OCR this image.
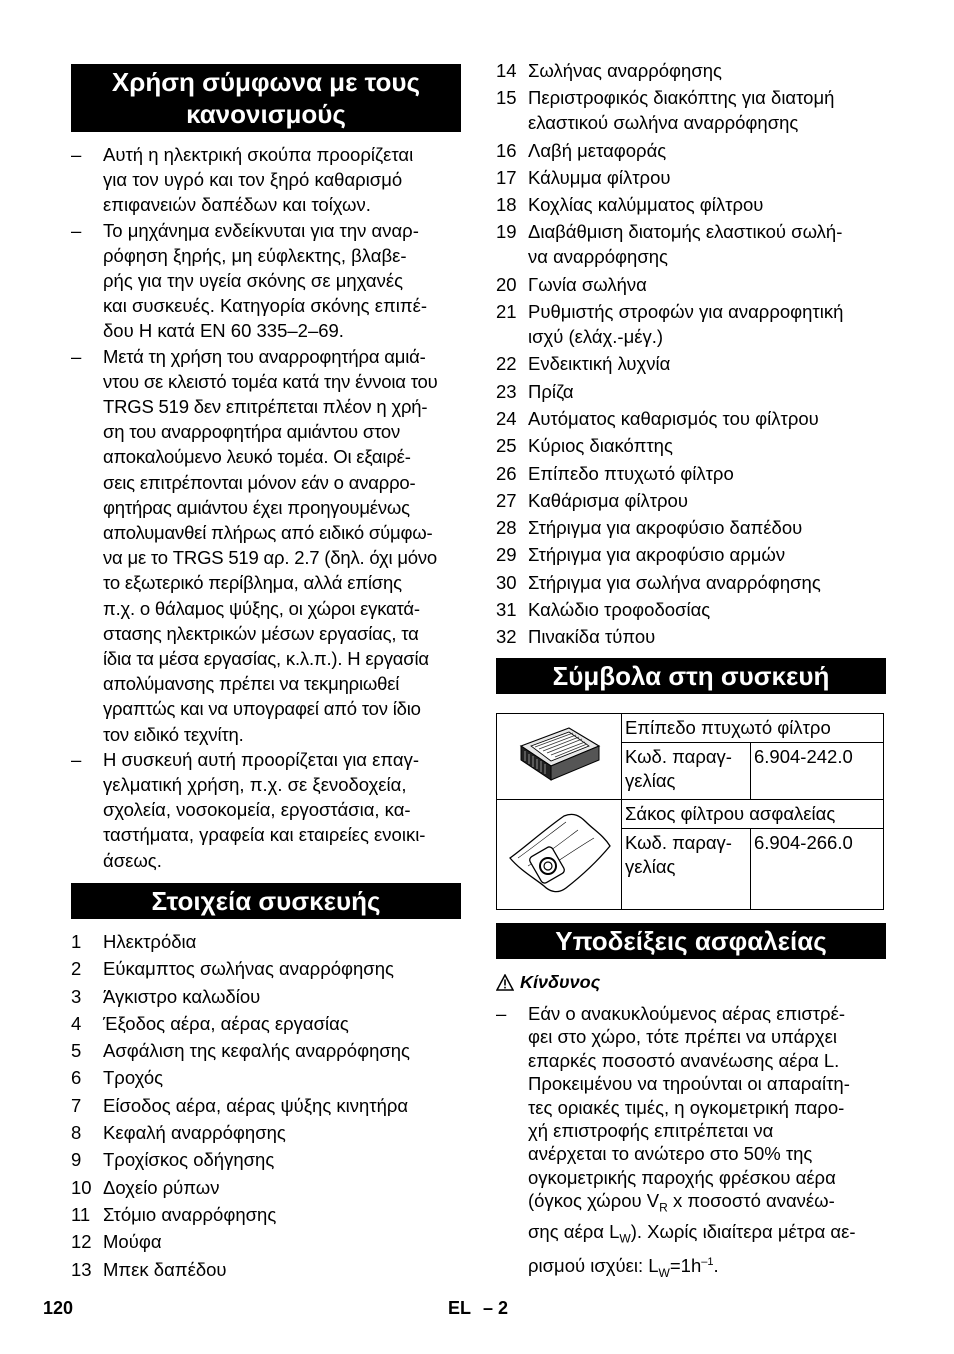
Χρήση σύμφωνα με τους κανονισμούς
–	Αυτή η ηλεκτρική σκούπα προορίζεται

για τον υγρό και τον ξηρό καθαρισμό

επιφανειών δαπέδων και τοίχων.

–	Το μηχάνημα ενδείκνυται για την αναρ-

ρόφηση ξηρής, μη εύφλεκτης, βλαβε-

ρής για την υγεία σκόνης σε μηχανές

και συσκευές. Κατηγορία σκόνης επιπέ-

δου H κατά EN 60 335–2–69.

–	Μετά τη χρήση του αναρροφητήρα αμιά-

ντου σε κλειστό τομέα κατά την έννοια του

TRGS 519 δεν επιτρέπεται πλέον η χρή-

ση του αναρροφητήρα αμιάντου στον

αποκαλούμενο λευκό τομέα. Οι εξαιρέ-

σεις επιτρέπονται μόνον εάν ο αναρρο-

φητήρας αμιάντου έχει προηγουμένως

απολυμανθεί πλήρως από ειδικό σύμφω-

να με το TRGS 519 αρ. 2.7 (δηλ. όχι μόνο

το εξωτερικό περίβλημα, αλλά επίσης

π.χ. ο θάλαμος ψύξης, οι χώροι εγκατά-

στασης ηλεκτρικών μέσων εργασίας, τα

ίδια τα μέσα εργασίας, κ.λ.π.). Η εργασία

απολύμανσης πρέπει να τεκμηριωθεί

γραπτώς και να υπογραφεί από τον ίδιο

τον ειδικό τεχνίτη.

–	Η συσκευή αυτή προορίζεται για επαγ-

γελματική χρήση, π.χ. σε ξενοδοχεία,

σχολεία, νοσοκομεία, εργοστάσια, κα-

ταστήματα, γραφεία και εταιρείες ενοικι-

άσεως.

Στοιχεία συσκευής
1 Ηλεκτρόδια
2 Εύκαμπτος σωλήνας αναρρόφησης
3 Άγκιστρο καλωδίου
4 Έξοδος αέρα, αέρας εργασίας
5 Ασφάλιση της κεφαλής αναρρόφησης
6 Τροχός
7 Είσοδος αέρα, αέρας ψύξης κινητήρα
8 Κεφαλή αναρρόφησης
9 Τροχίσκος οδήγησης
10 Δοχείο ρύπων
11 Στόμιο αναρρόφησης
12 Μούφα
13 Μπεκ δαπέδου
14 Σωλήνας αναρρόφησης
15 Περιστροφικός διακόπτης για διατομή
ελαστικού σωλήνα αναρρόφησης
16 Λαβή μεταφοράς
17 Κάλυμμα φίλτρου
18 Κοχλίας καλύμματος φίλτρου
19 Διαβάθμιση διατομής ελαστικού σωλή-
να αναρρόφησης
20 Γωνία σωλήνα
21 Ρυθμιστής στροφών για αναρροφητική
ισχύ (ελάχ.-μέγ.)
22 Ενδεικτική λυχνία
23 Πρίζα
24 Αυτόματος καθαρισμός του φίλτρου
25 Κύριος διακόπτης
26 Επίπεδο πτυχωτό φίλτρο
27 Καθάρισμα φίλτρου
28 Στήριγμα για ακροφύσιο δαπέδου
29 Στήριγμα για ακροφύσιο αρμών
30 Στήριγμα για σωλήνα αναρρόφησης
31 Καλώδιο τροφοδοσίας
32 Πινακίδα τύπου
Σύμβολα στη συσκευή
	Επίπεδο πτυχωτό φίλτρο	
	Κωδ. παραγ-
γελίας	6.904-242.0
	Σάκος φίλτρου ασφαλείας	
	Κωδ. παραγ-
γελίας	6.904-266.0
Υποδείξεις ασφαλείας
Κίνδυνος
–	Εάν ο ανακυκλούμενος αέρας επιστρέ-

φει στο χώρο, τότε πρέπει να υπάρχει

επαρκές ποσοστό ανανέωσης αέρα L.

Προκειμένου να τηρούνται οι απαραίτη-

τες οριακές τιμές, η ογκομετρική παρο-

χή επιστροφής επιτρέπεται να

ανέρχεται το ανώτερο στο 50% της

ογκομετρικής παροχής φρέσκου αέρα

(όγκος χώρου $V_R$ x ποσοστό ανανέω-

σης αέρα $L_W$). Χωρίς ιδιαίτερα μέτρα αε-

ρισμού ισχύει: $L_W=1h^{-1}$.

120	EL – 2
